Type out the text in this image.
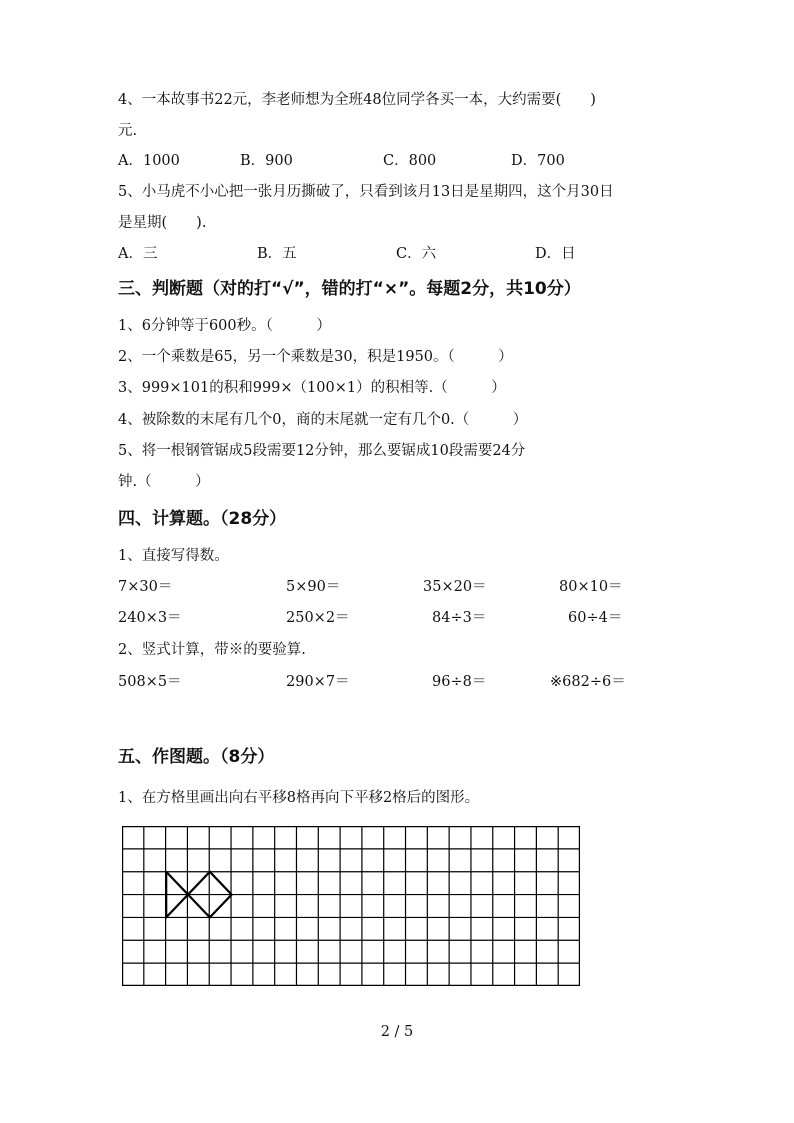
4、一本故事书22元，李老师想为全班48位同学各买一本，大约需要(　　)
元.
A．1000	B．900	C．800	D．700
5、小马虎不小心把一张月历撕破了，只看到该月13日是星期四，这个月30日
是星期(　　).
A．三	B．五	C．六	D．日
三、判断题（对的打“√”，错的打“×”。每题2分，共10分）
1、6分钟等于600秒。（　　　）
2、一个乘数是65，另一个乘数是30，积是1950。（　　　）
3、999×101的积和999×（100×1）的积相等.（　　　）
4、被除数的末尾有几个0，商的末尾就一定有几个0.（　　　）
5、将一根钢管锯成5段需要12分钟，那么要锯成10段需要24分
钟.（　　　）
四、计算题。（28分）
1、直接写得数。
7×30＝	5×90＝	35×20＝	80×10＝
240×3＝	250×2＝	84÷3＝	60÷4＝
2、竖式计算，带※的要验算.
508×5＝	290×7＝	96÷8＝	※682÷6＝
五、作图题。（8分）
1、在方格里画出向右平移8格再向下平移2格后的图形。
2 / 5
